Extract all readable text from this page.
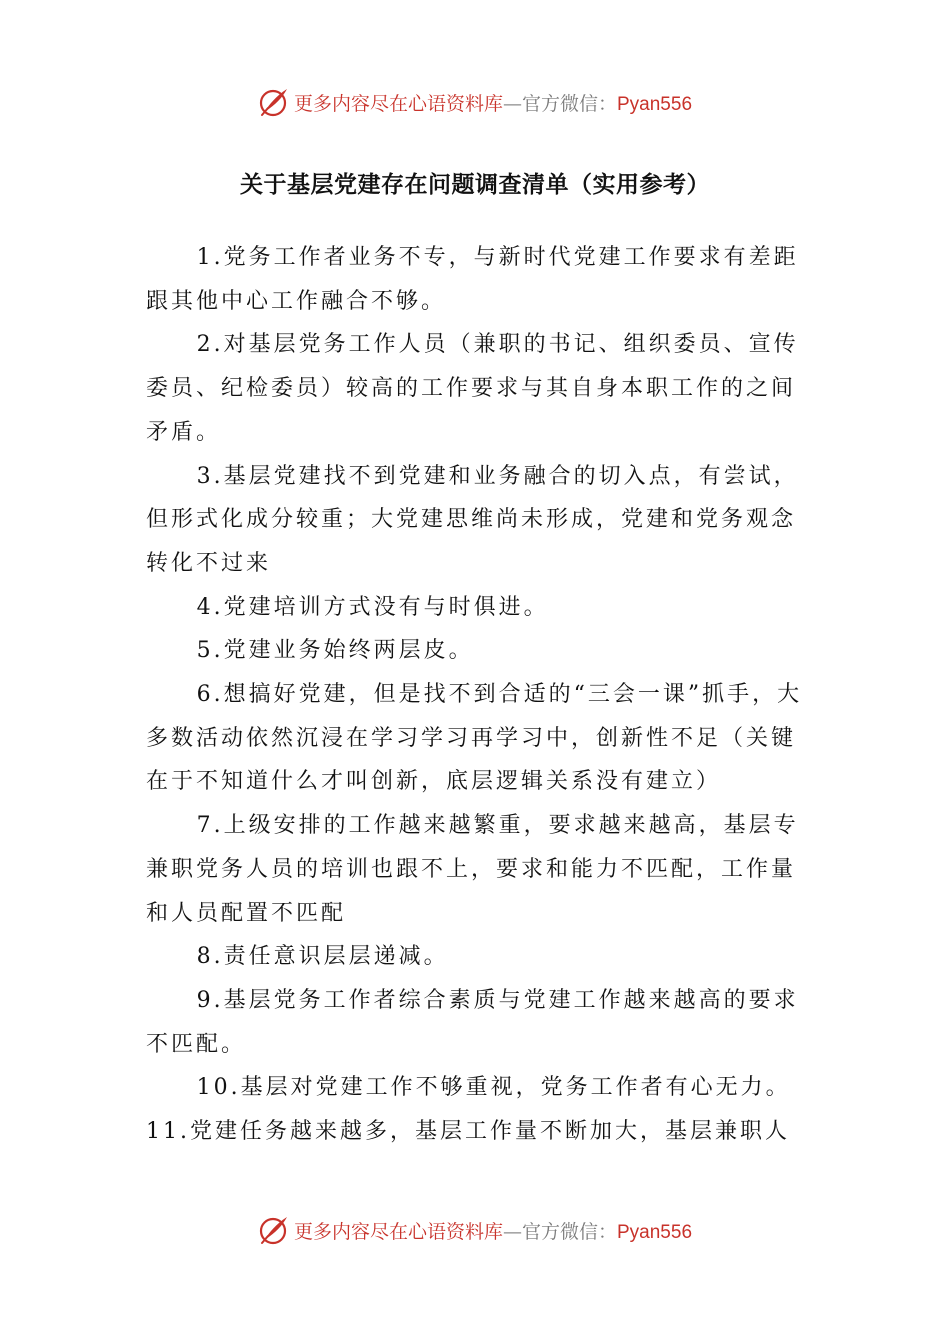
更多内容尽在心语资料库—官方微信：Pyan556
关于基层党建存在问题调查清单（实用参考）

1.党务工作者业务不专，与新时代党建工作要求有差距跟其他中心工作融合不够。

2.对基层党务工作人员（兼职的书记、组织委员、宣传委员、纪检委员）较高的工作要求与其自身本职工作的之间矛盾。

3.基层党建找不到党建和业务融合的切入点，有尝试，但形式化成分较重；大党建思维尚未形成，党建和党务观念转化不过来

4.党建培训方式没有与时俱进。

5.党建业务始终两层皮。

6.想搞好党建，但是找不到合适的“三会一课”抓手，大多数活动依然沉浸在学习学习再学习中，创新性不足（关键在于不知道什么才叫创新，底层逻辑关系没有建立）

7.上级安排的工作越来越繁重，要求越来越高，基层专兼职党务人员的培训也跟不上，要求和能力不匹配，工作量和人员配置不匹配

8.责任意识层层递减。

9.基层党务工作者综合素质与党建工作越来越高的要求不匹配。

10.基层对党建工作不够重视，党务工作者有心无力。

11.党建任务越来越多，基层工作量不断加大，基层兼职人

更多内容尽在心语资料库—官方微信：Pyan556
